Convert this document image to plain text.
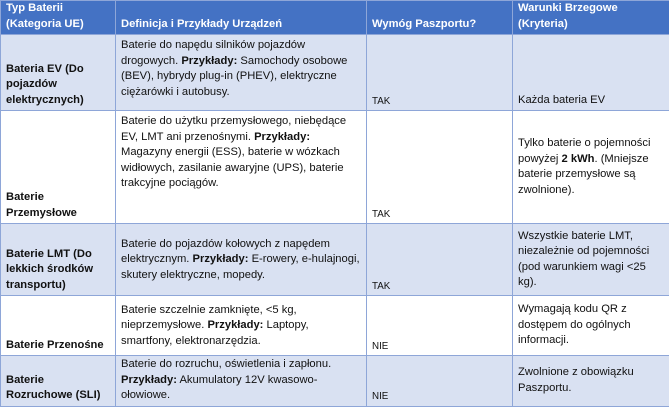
Typ Baterii (Kategoria UE)	Definicja i Przykłady Urządzeń	Wymóg Paszportu?	Warunki Brzegowe (Kryteria)
Bateria EV (Do pojazdów elektrycznych)	Baterie do napędu silników pojazdów drogowych. Przykłady: Samochody osobowe (BEV), hybrydy plug-in (PHEV), elektryczne ciężarówki i autobusy.	TAK	Każda bateria EV
Baterie Przemysłowe	Baterie do użytku przemysłowego, niebędące EV, LMT ani przenośnymi. Przykłady: Magazyny energii (ESS), baterie w wózkach widłowych, zasilanie awaryjne (UPS), baterie trakcyjne pociągów.	TAK	Tylko baterie o pojemności powyżej 2 kWh. (Mniejsze baterie przemysłowe są zwolnione).
Baterie LMT (Do lekkich środków transportu)	Baterie do pojazdów kołowych z napędem elektrycznym. Przykłady: E-rowery, e-hulajnogi, skutery elektryczne, mopedy.	TAK	Wszystkie baterie LMT, niezależnie od pojemności (pod warunkiem wagi <25 kg).
Baterie Przenośne	Baterie szczelnie zamknięte, <5 kg, nieprzemysłowe. Przykłady: Laptopy, smartfony, elektronarzędzia.	NIE	Wymagają kodu QR z dostępem do ogólnych informacji.
Baterie Rozruchowe (SLI)	Baterie do rozruchu, oświetlenia i zapłonu. Przykłady: Akumulatory 12V kwasowo-ołowiowe.	NIE	Zwolnione z obowiązku Paszportu.
